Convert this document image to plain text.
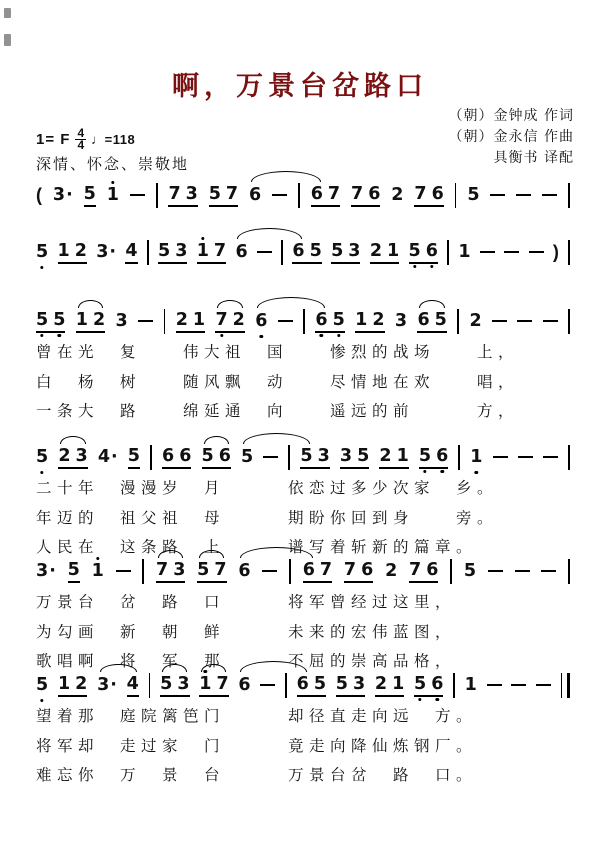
啊，万景台岔路口
（朝）金钟成 作词
（朝）金永信 作曲
具衡书 译配
1= F $\frac{4}{4}$ ♩=118
深情、怀念、崇敬地
( 3· 5 1	7 3 5 7 6	6 7 7 6 2 7 6 5
5 1 2 3· 4 5 3 1 7 6	6 5 5 3 2 1 5 6 1	)
5 5 1 2 3	2 1 7 2 6	6 5 1 2 3 6 5 2
曾在光　复　　伟大祖　国　　惨烈的战场　　上，
白　杨　树　　随风飘　动　　尽情地在欢　　唱，
一条大　路　　绵延通　向　　遥远的前　　　方，
5 2 3 4· 5 6 6 5 6 5	5 3 3 5 2 1 5 6 1
二十年　漫漫岁　月　　　依恋过多少次家　乡。
年迈的　祖父祖　母　　　期盼你回到身　　旁。
人民在　这条路　上　　　谱写着斩新的篇章。
3· 5 1	7 3 5 7 6	6 7 7 6 2 7 6 5
万景台　岔　路　口　　　将军曾经过这里，
为勾画　新　朝　鲜　　　未来的宏伟蓝图，
歌唱啊　将　军　那　　　不屈的崇高品格，
5 1 2 3· 4 5 3 1 7 6	6 5 5 3 2 1 5 6 1
望着那　庭院篱笆门　　　却径直走向远　方。
将军却　走过家　门　　　竟走向降仙炼钢厂。
难忘你　万　景　台　　　万景台岔　路　口。
